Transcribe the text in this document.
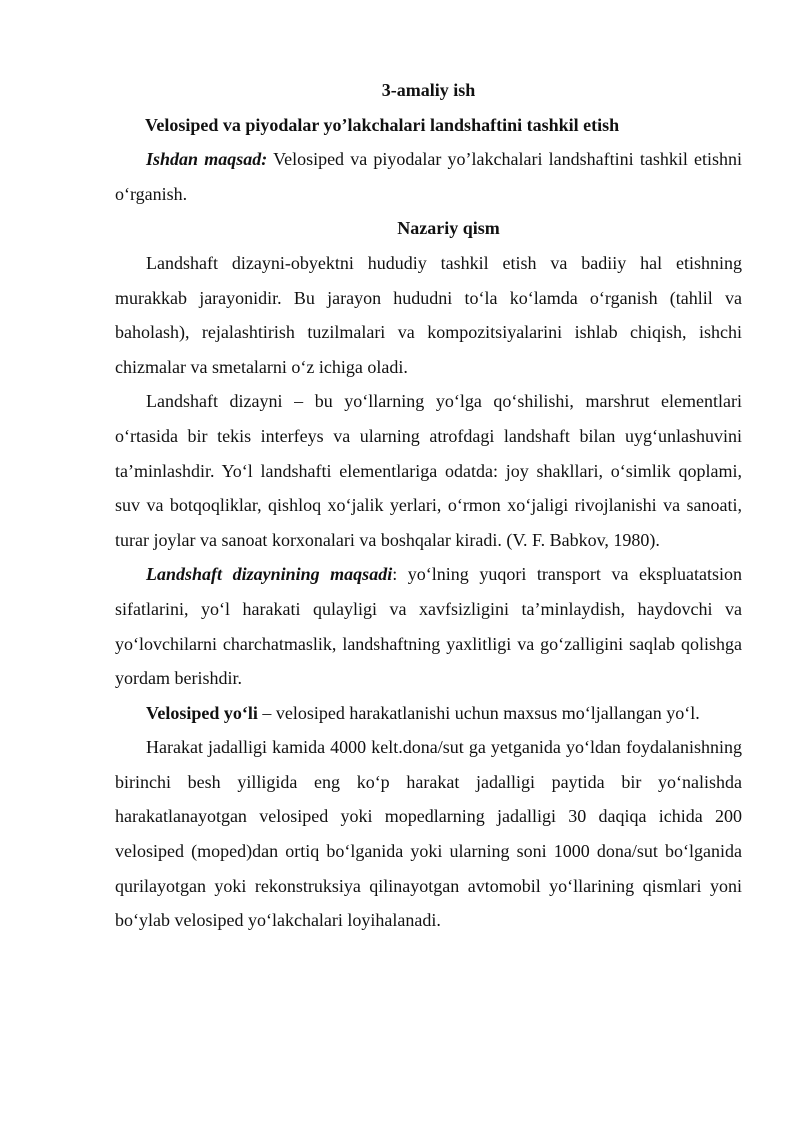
3-amaliy ish
Velosiped va piyodalar yo’lakchalari landshaftini tashkil etish

Ishdan maqsad: Velosiped va piyodalar yo’lakchalari landshaftini tashkil etishni o‘rganish.

Nazariy qism

Landshaft dizayni-obyektni hududiy tashkil etish va badiiy hal etishning murakkab jarayonidir. Bu jarayon hududni to‘la ko‘lamda o‘rganish (tahlil va baholash), rejalashtirish tuzilmalari va kompozitsiyalarini ishlab chiqish, ishchi chizmalar va smetalarni o‘z ichiga oladi.

Landshaft dizayni – bu yo‘llarning yo‘lga qo‘shilishi, marshrut elementlari o‘rtasida bir tekis interfeys va ularning atrofdagi landshaft bilan uyg‘unlashuvini ta’minlashdir. Yo‘l landshafti elementlariga odatda: joy shakllari, o‘simlik qoplami, suv va botqoqliklar, qishloq xo‘jalik yerlari, o‘rmon xo‘jaligi rivojlanishi va sanoati, turar joylar va sanoat korxonalari va boshqalar kiradi. (V. F. Babkov, 1980).

Landshaft dizaynining maqsadi: yo‘lning yuqori transport va ekspluatatsion sifatlarini, yo‘l harakati qulayligi va xavfsizligini ta’minlaydish, haydovchi va yo‘lovchilarni charchatmaslik, landshaftning yaxlitligi va go‘zalligini saqlab qolishga yordam berishdir.

Velosiped yo‘li – velosiped harakatlanishi uchun maxsus mo‘ljallangan yo‘l.

Harakat jadalligi kamida 4000 kelt.dona/sut ga yetganida yo‘ldan foydalanishning birinchi besh yilligida eng ko‘p harakat jadalligi paytida bir yo‘nalishda harakatlanayotgan velosiped yoki mopedlarning jadalligi 30 daqiqa ichida 200 velosiped (moped)dan ortiq bo‘lganida yoki ularning soni 1000 dona/sut bo‘lganida qurilayotgan yoki rekonstruksiya qilinayotgan avtomobil yo‘llarining qismlari yoni bo‘ylab velosiped yo‘lakchalari loyihalanadi.
